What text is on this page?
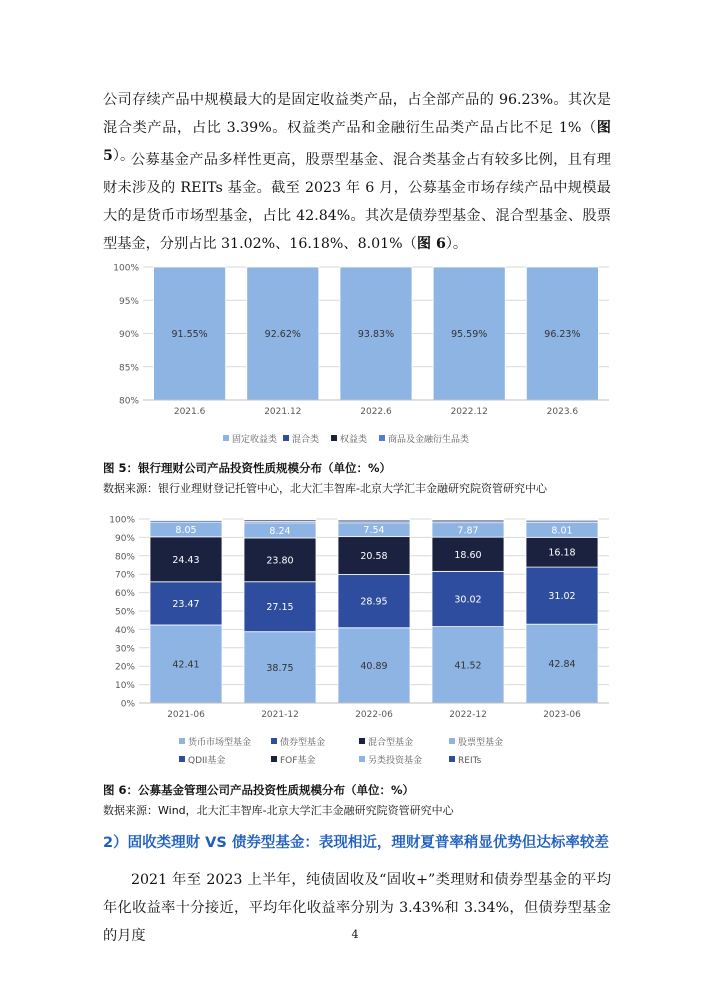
公司存续产品中规模最大的是固定收益类产品，占全部产品的 96.23%。其次是混合类产品，占比 3.39%。权益类产品和金融衍生品类产品占比不足 1%（图 5）。

公募基金产品多样性更高，股票型基金、混合类基金占有较多比例，且有理财未涉及的 REITs 基金。截至 2023 年 6 月，公募基金市场存续产品中规模最大的是货币市场型基金，占比 42.84%。其次是债券型基金、混合型基金、股票型基金，分别占比 31.02%、16.18%、8.01%（图 6）。

80%
85%
90%
95%
100%
91.55%
2021.6
92.62%
2021.12
93.83%
2022.6
95.59%
2022.12
96.23%
2023.6
固定收益类 混合类 权益类 商品及金融衍生品类

图 5：银行理财公司产品投资性质规模分布（单位：%）

数据来源：银行业理财登记托管中心，北大汇丰智库-北京大学汇丰金融研究院资管研究中心

0%
10%
20%
30%
40%
50%
60%
70%
80%
90%
100%
42.41
23.47
24.43
8.05
2021-06
38.75
27.15
23.80
8.24
2021-12
40.89
28.95
20.58
7.54
2022-06
41.52
30.02
18.60
7.87
2022-12
42.84
31.02
16.18
8.01
2023-06
货币市场型基金	债券型基金	混合型基金	股票型基金
QDII基金	FOF基金	另类投资基金	REITs

图 6：公募基金管理公司产品投资性质规模分布（单位：%）

数据来源：Wind，北大汇丰智库-北京大学汇丰金融研究院资管研究中心

2）固收类理财 VS 债券型基金：表现相近，理财夏普率稍显优势但达标率较差

2021 年至 2023 上半年，纯债固收及“固收+”类理财和债券型基金的平均年化收益率十分接近，平均年化收益率分别为 3.43%和 3.34%，但债券型基金的月度	4
